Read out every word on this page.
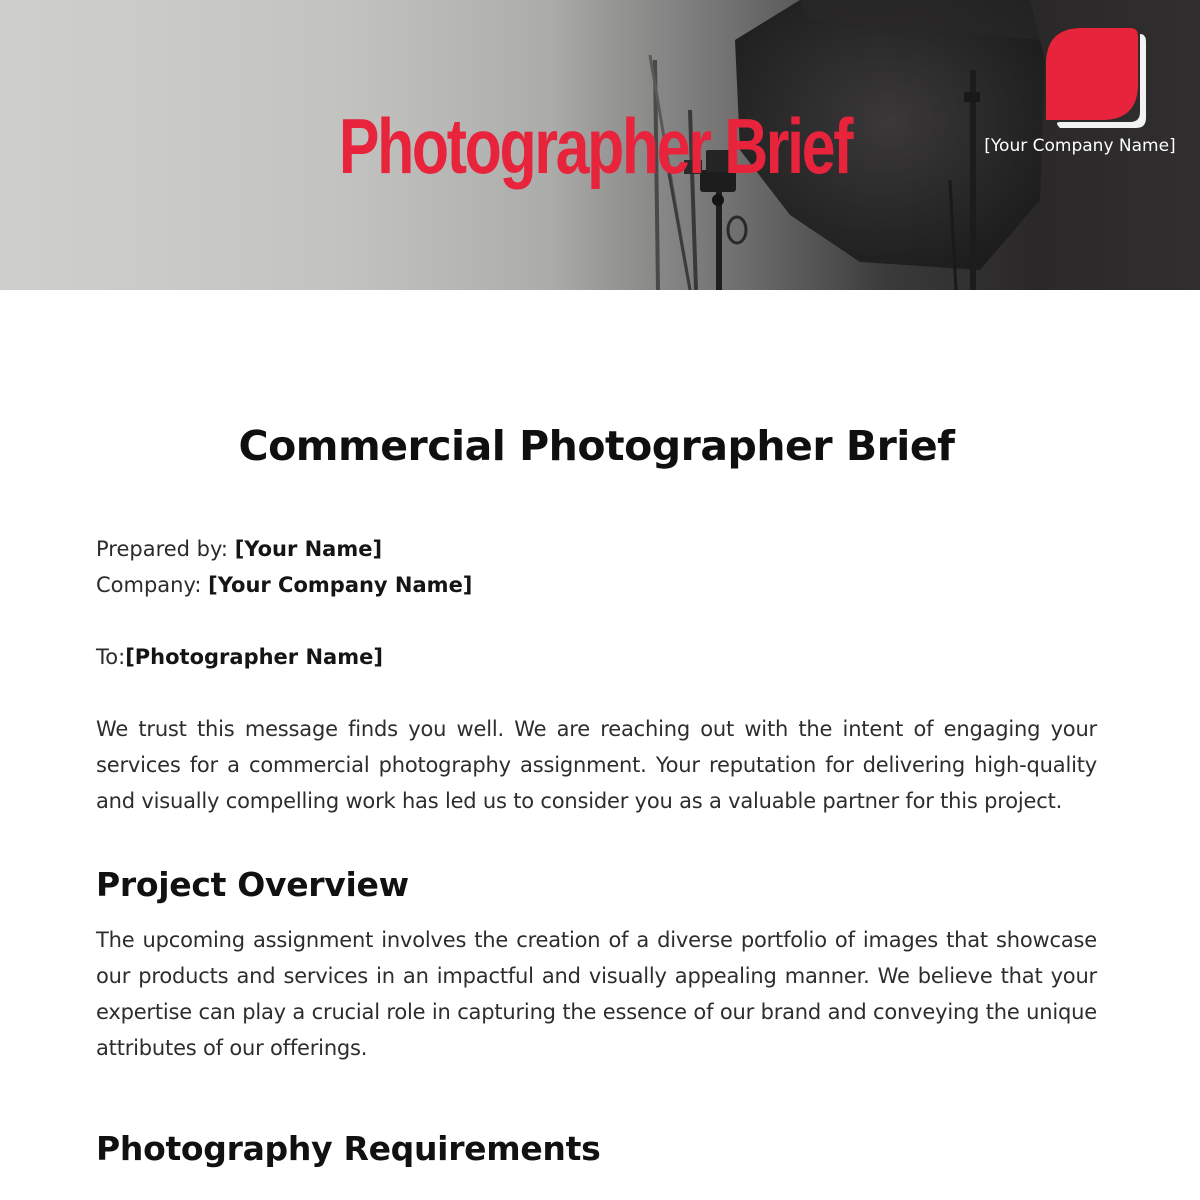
Photographer Brief	[Your Company Name]
Commercial Photographer Brief
Prepared by: [Your Name]
Company: [Your Company Name]
To:[Photographer Name]
We trust this message finds you well. We are reaching out with the intent of engaging your services for a commercial photography assignment. Your reputation for delivering high-quality and visually compelling work has led us to consider you as a valuable partner for this project.
Project Overview
The upcoming assignment involves the creation of a diverse portfolio of images that showcase our products and services in an impactful and visually appealing manner. We believe that your expertise can play a crucial role in capturing the essence of our brand and conveying the unique attributes of our offerings.
Photography Requirements
